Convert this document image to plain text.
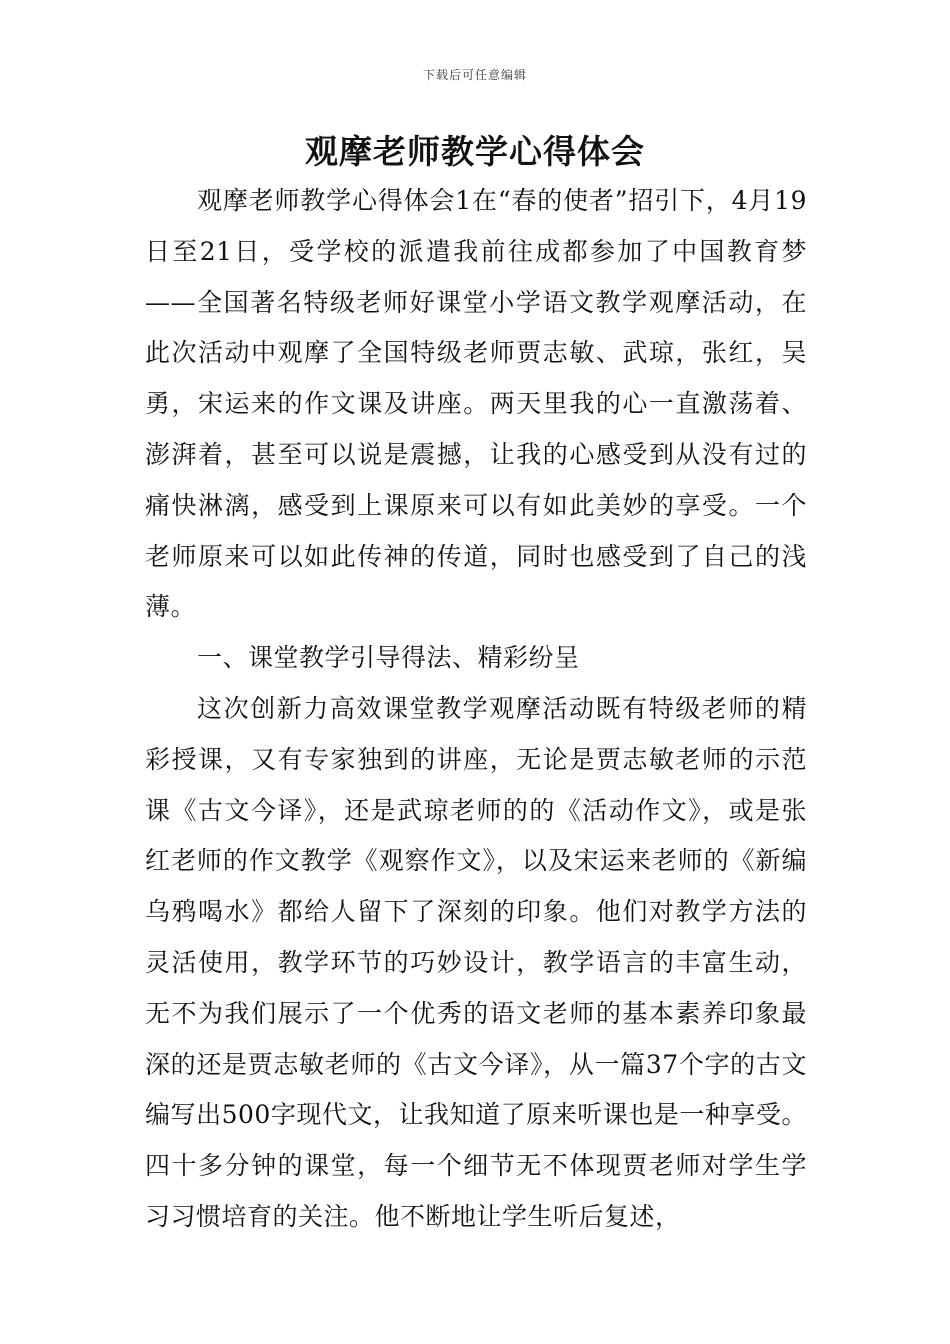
下载后可任意编辑
观摩老师教学心得体会

观摩老师教学心得体会1在“春的使者”招引下，4月19日至21日，受学校的派遣我前往成都参加了中国教育梦——全国著名特级老师好课堂小学语文教学观摩活动，在此次活动中观摩了全国特级老师贾志敏、武琼，张红，吴勇，宋运来的作文课及讲座。两天里我的心一直激荡着、澎湃着，甚至可以说是震撼，让我的心感受到从没有过的痛快淋漓，感受到上课原来可以有如此美妙的享受。一个老师原来可以如此传神的传道，同时也感受到了自己的浅薄。

一、课堂教学引导得法、精彩纷呈

这次创新力高效课堂教学观摩活动既有特级老师的精彩授课，又有专家独到的讲座，无论是贾志敏老师的示范课《古文今译》，还是武琼老师的的《活动作文》，或是张红老师的作文教学《观察作文》，以及宋运来老师的《新编乌鸦喝水》都给人留下了深刻的印象。他们对教学方法的灵活使用，教学环节的巧妙设计，教学语言的丰富生动，无不为我们展示了一个优秀的语文老师的基本素养印象最深的还是贾志敏老师的《古文今译》，从一篇37个字的古文编写出500字现代文，让我知道了原来听课也是一种享受。四十多分钟的课堂，每一个细节无不体现贾老师对学生学习习惯培育的关注。他不断地让学生听后复述，
